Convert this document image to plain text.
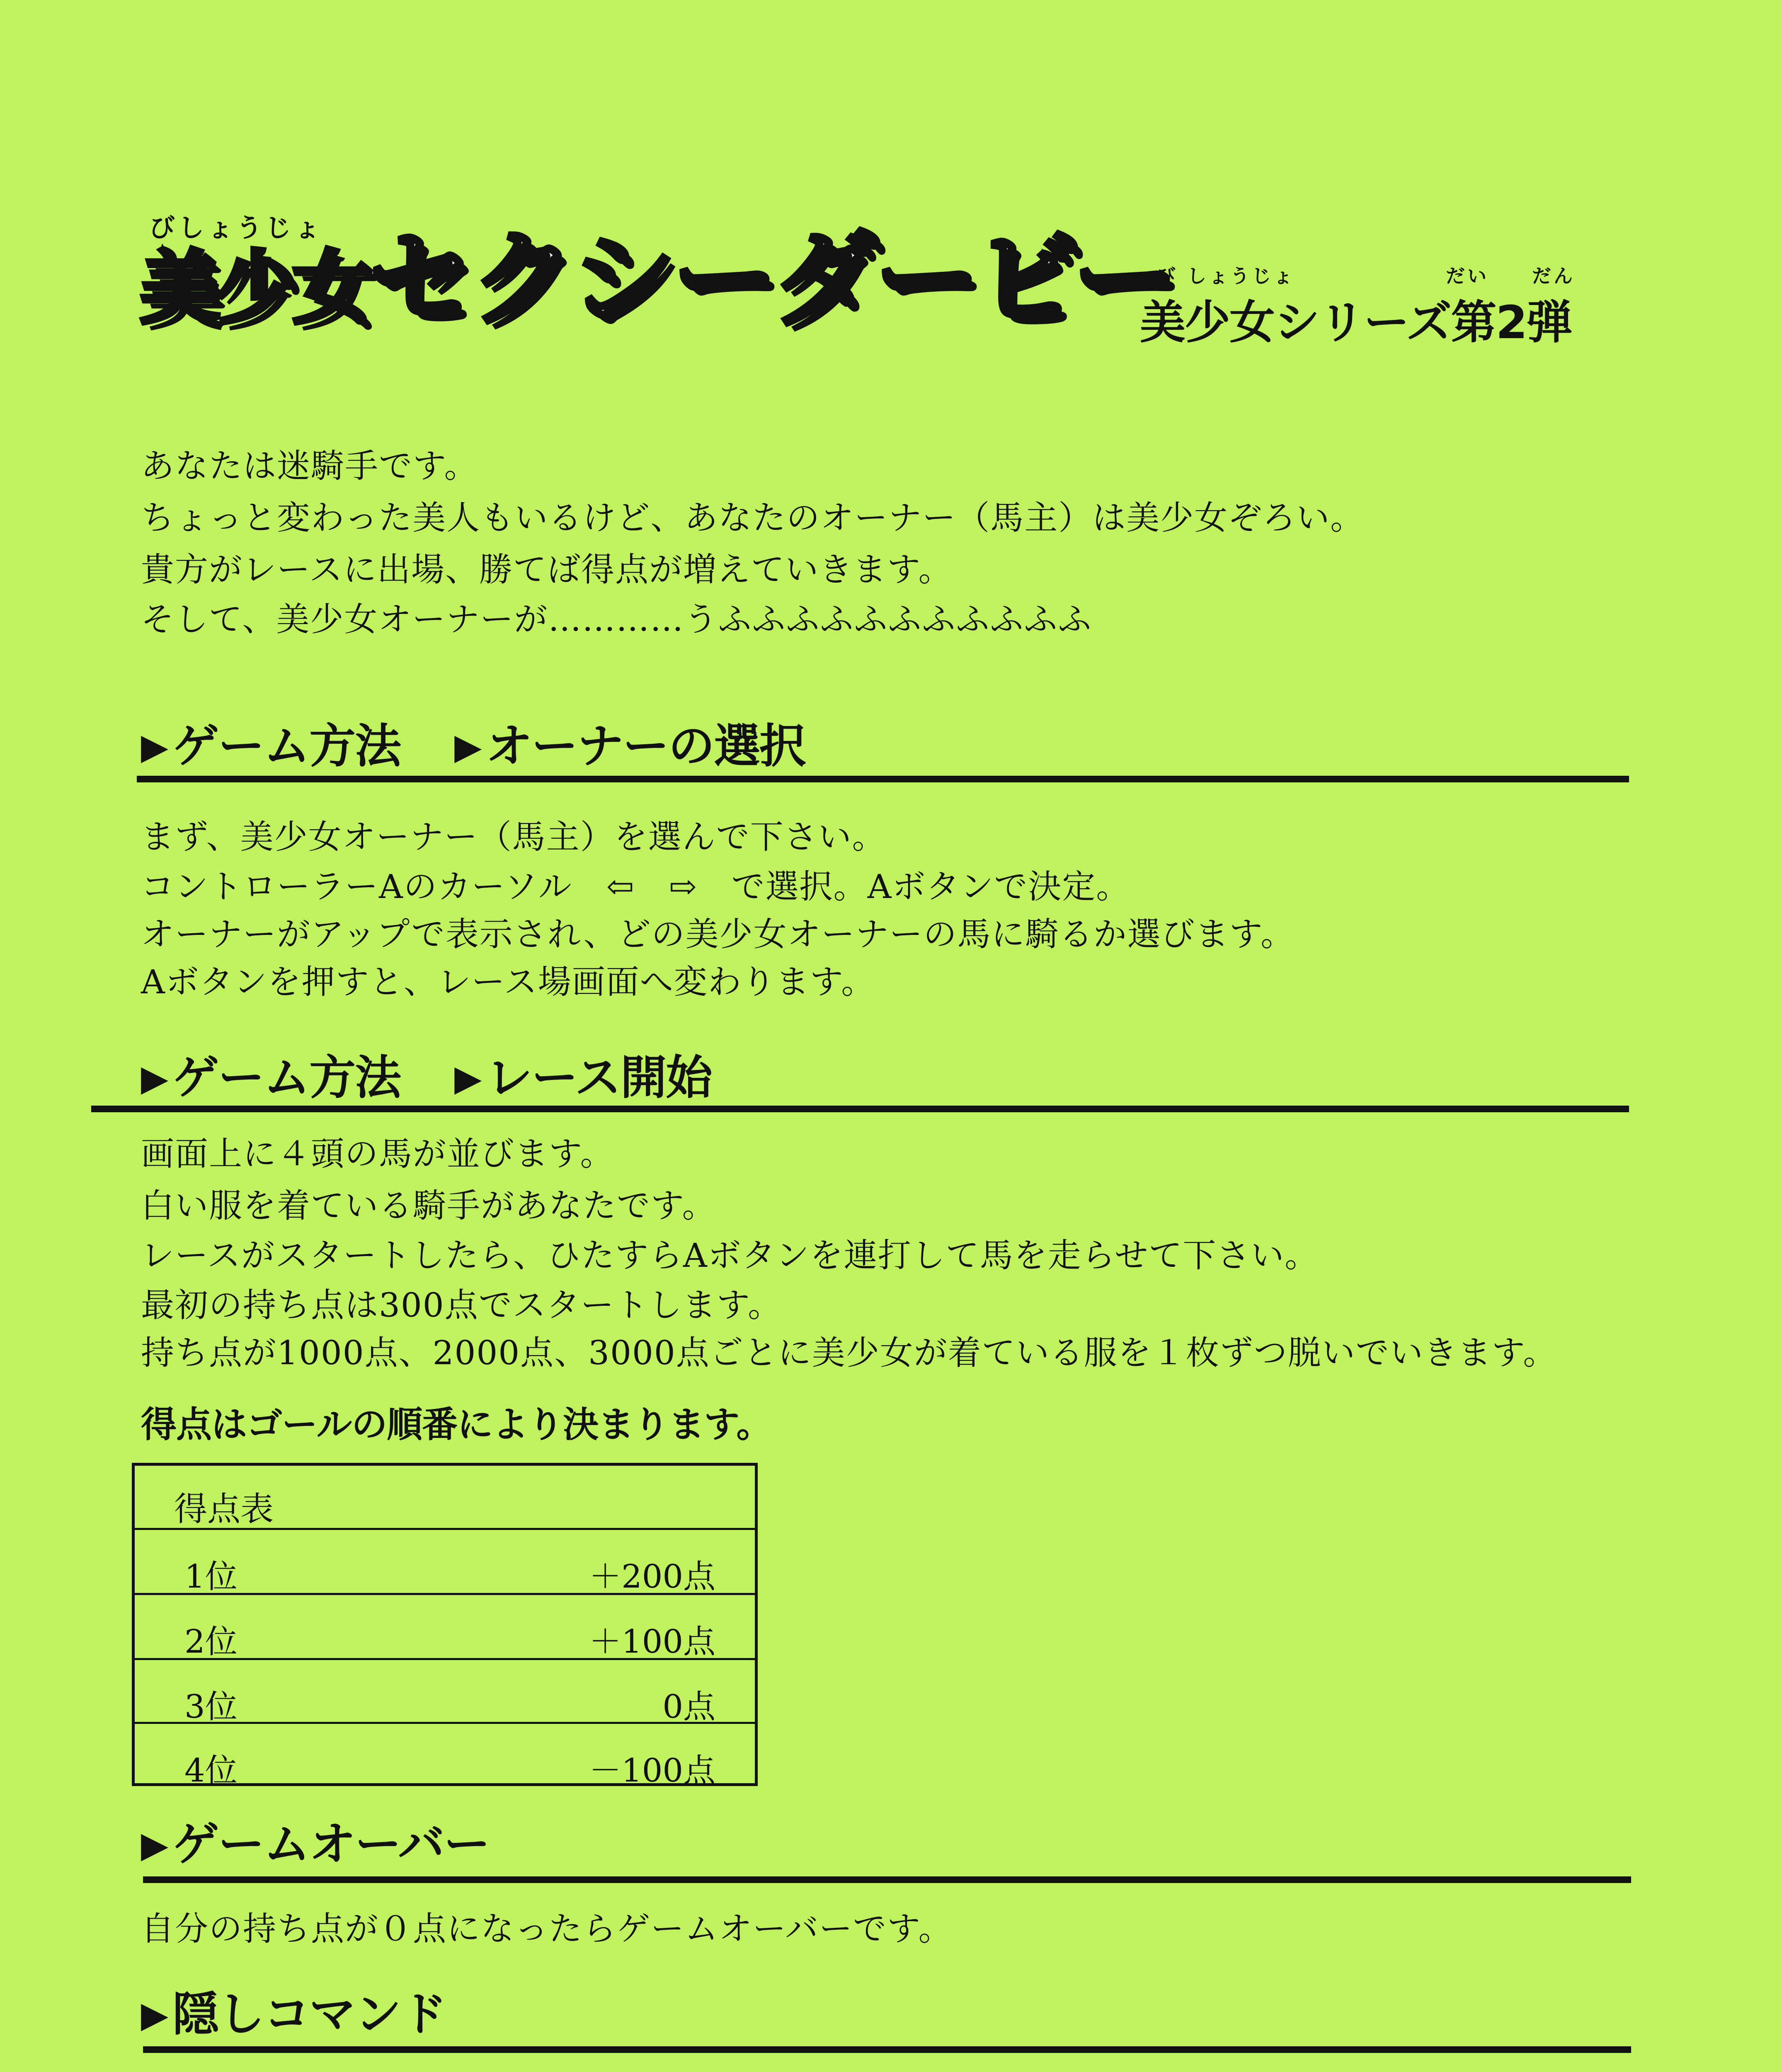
びしょうじょ
美少女セクシーダービー
び しょうじょ　　　　　　　だい　　だん
美少女シリーズ第2弾
あなたは迷騎手です。
ちょっと変わった美人もいるけど、あなたのオーナー（馬主）は美少女ぞろい。
貴方がレースに出場、勝てば得点が増えていきます。
そして、美少女オーナーが…………うふふふふふふふふふふふ
▶ ゲーム方法 ▶ オーナーの選択
まず、美少女オーナー（馬主）を選んで下さい。
コントローラーAのカーソル　⇦　⇨　で選択。Aボタンで決定。
オーナーがアップで表示され、どの美少女オーナーの馬に騎るか選びます。
Aボタンを押すと、レース場画面へ変わります。
▶ ゲーム方法 ▶ レース開始
画面上に４頭の馬が並びます。
白い服を着ている騎手があなたです。
レースがスタートしたら、ひたすらAボタンを連打して馬を走らせて下さい。
最初の持ち点は300点でスタートします。
持ち点が1000点、2000点、3000点ごとに美少女が着ている服を１枚ずつ脱いでいきます。
得点はゴールの順番により決まります。
得点表
1位	＋200点
2位	＋100点
3位	0点
4位	－100点
▶ ゲームオーバー
自分の持ち点が０点になったらゲームオーバーです。
▶ 隠しコマンド
